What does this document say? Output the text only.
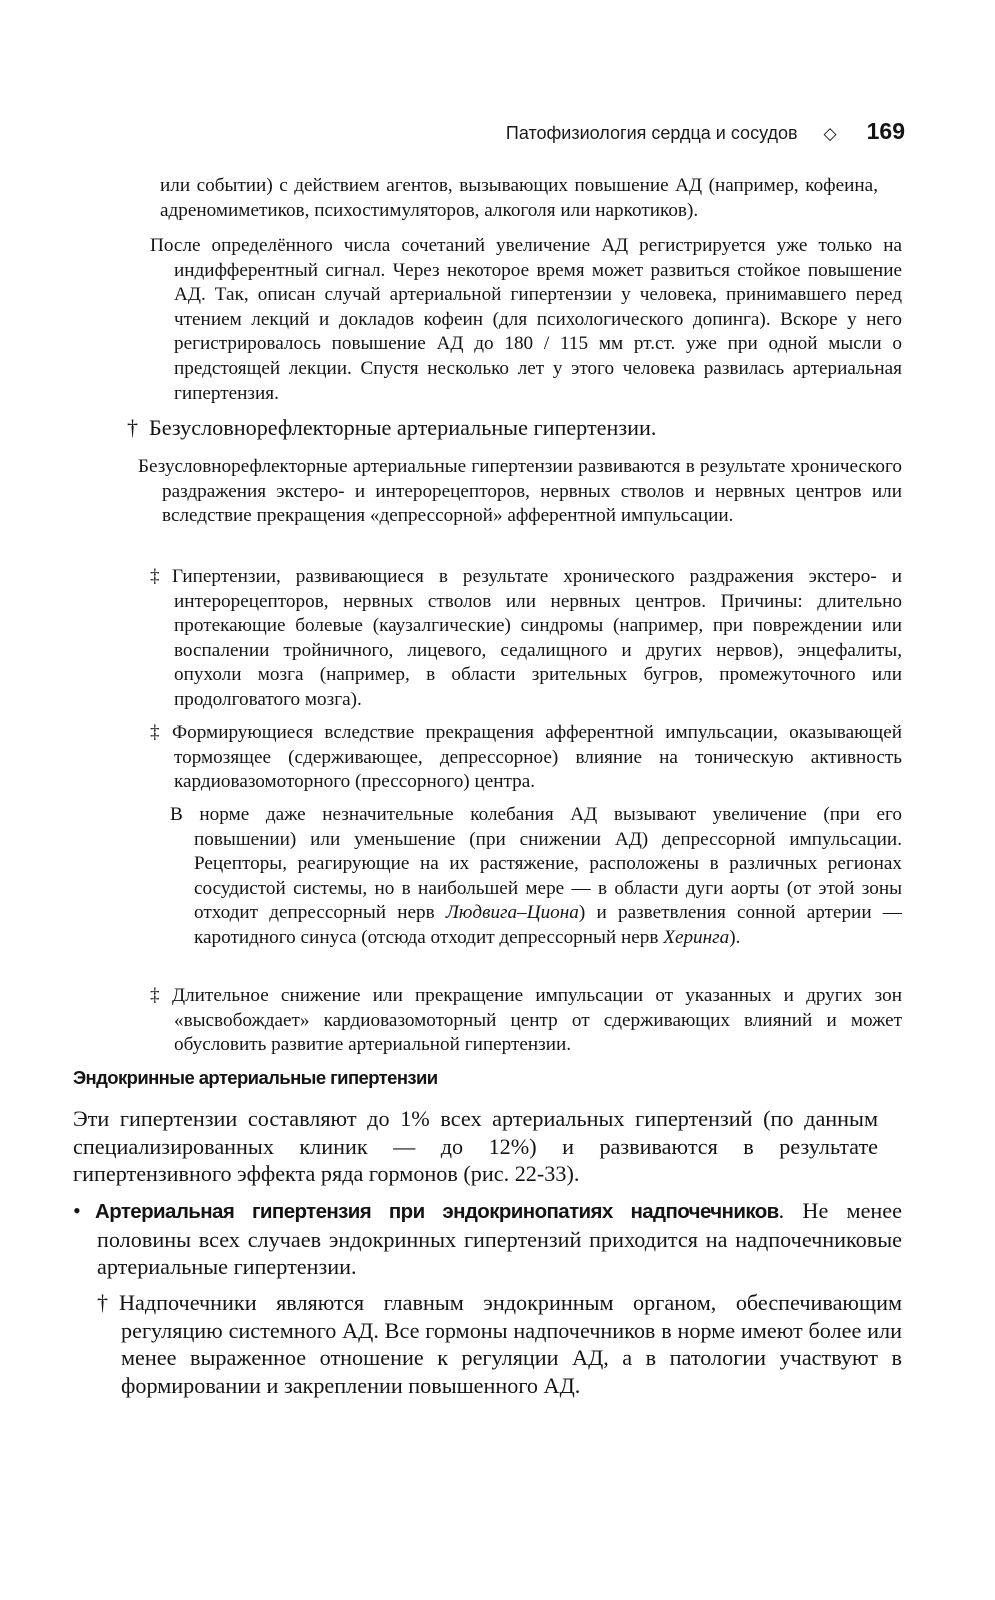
Патофизиология сердца и сосудов ◇ 169
или событии) с действием агентов, вызывающих повышение АД (например, кофеина, адреномиметиков, психостимуляторов, алкоголя или наркотиков).
После определённого числа сочетаний увеличение АД регистрируется уже только на индифферентный сигнал. Через некоторое время может развиться стойкое повышение АД. Так, описан случай артериальной гипертензии у человека, принимавшего перед чтением лекций и докладов кофеин (для психологического допинга). Вскоре у него регистрировалось повышение АД до 180 / 115 мм рт.ст. уже при одной мысли о предстоящей лекции. Спустя несколько лет у этого человека развилась артериальная гипертензия.
† Безусловнорефлекторные артериальные гипертензии.
Безусловнорефлекторные артериальные гипертензии развиваются в результате хронического раздражения экстеро- и интерорецепторов, нервных стволов и нервных центров или вследствие прекращения «депрессорной» афферентной импульсации.
‡ Гипертензии, развивающиеся в результате хронического раздражения экстеро- и интерорецепторов, нервных стволов или нервных центров. Причины: длительно протекающие болевые (каузалгические) синдромы (например, при повреждении или воспалении тройничного, лицевого, седалищного и других нервов), энцефалиты, опухоли мозга (например, в области зрительных бугров, промежуточного или продолговатого мозга).
‡ Формирующиеся вследствие прекращения афферентной импульсации, оказывающей тормозящее (сдерживающее, депрессорное) влияние на тоническую активность кардиовазомоторного (прессорного) центра.
В норме даже незначительные колебания АД вызывают увеличение (при его повышении) или уменьшение (при снижении АД) депрессорной импульсации. Рецепторы, реагирующие на их растяжение, расположены в различных регионах сосудистой системы, но в наибольшей мере — в области дуги аорты (от этой зоны отходит депрессорный нерв Людвига–Циона) и разветвления сонной артерии — каротидного синуса (отсюда отходит депрессорный нерв Херинга).
‡ Длительное снижение или прекращение импульсации от указанных и других зон «высвобождает» кардиовазомоторный центр от сдерживающих влияний и может обусловить развитие артериальной гипертензии.
Эндокринные артериальные гипертензии
Эти гипертензии составляют до 1% всех артериальных гипертензий (по данным специализированных клиник — до 12%) и развиваются в результате гипертензивного эффекта ряда гормонов (рис. 22-33).
• Артериальная гипертензия при эндокринопатиях надпочечников. Не менее половины всех случаев эндокринных гипертензий приходится на надпочечниковые артериальные гипертензии.
† Надпочечники являются главным эндокринным органом, обеспечивающим регуляцию системного АД. Все гормоны надпочечников в норме имеют более или менее выраженное отношение к регуляции АД, а в патологии участвуют в формировании и закреплении повышенного АД.
